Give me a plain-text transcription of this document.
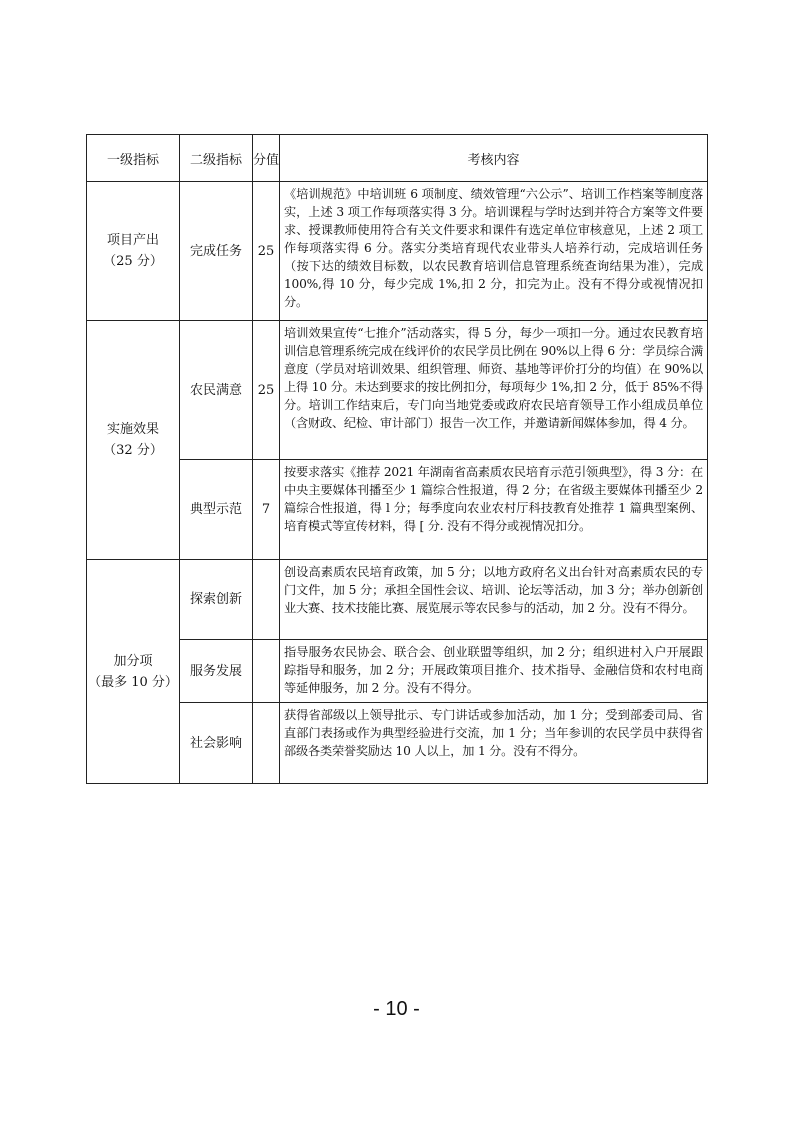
一级指标	二级指标	分值	考核内容

项目产出
（25 分）	完成任务	25	《培训规范》中培训班 6 项制度、绩效管理“六公示”、培训工作档案等制度落实，上述 3 项工作每项落实得 3 分。培训课程与学时达到并符合方案等文件要求、授课教师使用符合有关文件要求和课件有选定单位审核意见，上述 2 项工作每项落实得 6 分。落实分类培育现代农业带头人培养行动，完成培训任务（按下达的绩效目标数，以农民教育培训信息管理系统查询结果为准），完成 100%,得 10 分，每少完成 1%,扣 2 分，扣完为止。没有不得分或视情况扣分。

实施效果
（32 分）	农民满意	25	培训效果宣传“七推介”活动落实，得 5 分，每少一项扣一分。通过农民教育培训信息管理系统完成在线评价的农民学员比例在 90%以上得 6 分：学员综合满意度（学员对培训效果、组织管理、师资、基地等评价打分的均值）在 90%以上得 10 分。未达到要求的按比例扣分，每项每少 1%,扣 2 分，低于 85%不得分。培训工作结束后，专门向当地党委或政府农民培育领导工作小组成员单位（含财政、纪检、审计部门）报告一次工作，并邀请新闻媒体参加，得 4 分。
	典型示范	7	按要求落实《推荐 2021 年湖南省高素质农民培育示范引领典型》，得 3 分：在中央主要媒体刊播至少 1 篇综合性报道，得 2 分；在省级主要媒体刊播至少 2 篇综合性报道，得 l 分；每季度向农业农村厅科技教育处推荐 1 篇典型案例、培育模式等宣传材料，得 [ 分. 没有不得分或视情况扣分。

加分项
（最多 10 分）	探索创新		创设高素质农民培育政策，加 5 分；以地方政府名义出台针对高素质农民的专门文件，加 5 分；承担全国性会议、培训、论坛等活动，加 3 分；举办创新创业大赛、技术技能比赛、展览展示等农民参与的活动，加 2 分。没有不得分。
	服务发展		指导服务农民协会、联合会、创业联盟等组织，加 2 分；组织进村入户开展跟踪指导和服务，加 2 分；开展政策项目推介、技术指导、金融信贷和农村电商等延伸服务，加 2 分。没有不得分。
	社会影响		获得省部级以上领导批示、专门讲话或参加活动，加 1 分；受到部委司局、省直部门表扬或作为典型经验进行交流，加 1 分；当年参训的农民学员中获得省部级各类荣誉奖励达 10 人以上，加 1 分。没有不得分。
- 10 -
